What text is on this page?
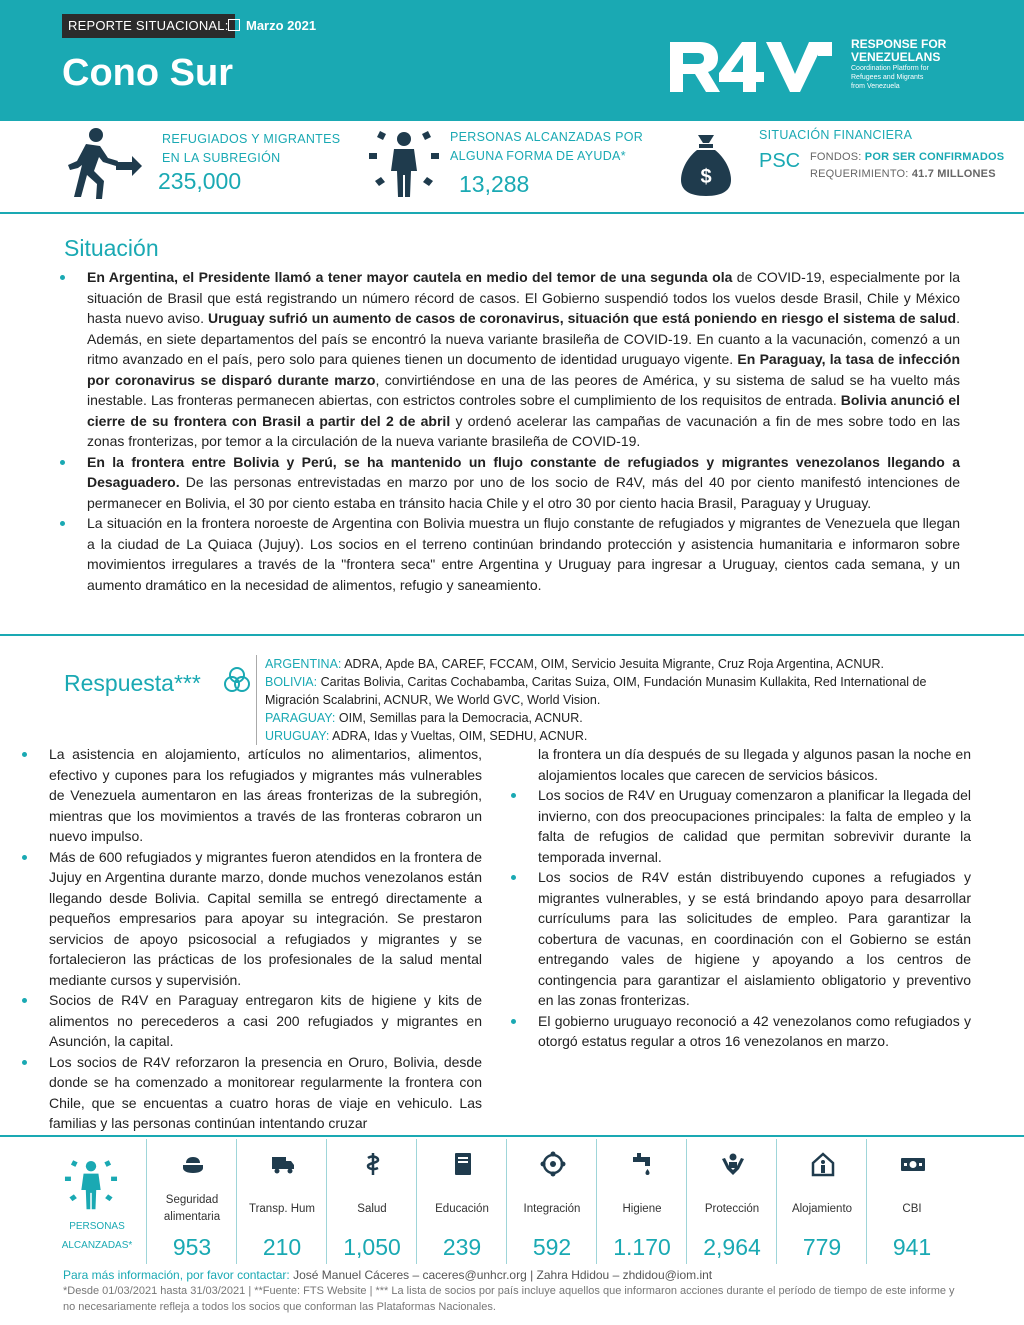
REPORTE SITUACIONAL:	Marzo 2021
Cono Sur
RESPONSE FOR
VENEZUELANS
Coordination Platform for
Refugees and Migrants
from Venezuela
REFUGIADOS Y MIGRANTES
EN LA SUBREGIÓN
235,000
PERSONAS ALCANZADAS POR
ALGUNA FORMA DE AYUDA*
13,288	$
SITUACIÓN FINANCIERA
PSC FONDOS: POR SER CONFIRMADOS
REQUERIMIENTO: 41.7 MILLONES
Situación
En Argentina, el Presidente llamó a tener mayor cautela en medio del temor de una segunda ola de COVID-19, especialmente por la situación de Brasil que está registrando un número récord de casos. El Gobierno suspendió todos los vuelos desde Brasil, Chile y México hasta nuevo aviso. Uruguay sufrió un aumento de casos de coronavirus, situación que está poniendo en riesgo el sistema de salud. Además, en siete departamentos del país se encontró la nueva variante brasileña de COVID-19. En cuanto a la vacunación, comenzó a un ritmo avanzado en el país, pero solo para quienes tienen un documento de identidad uruguayo vigente. En Paraguay, la tasa de infección por coronavirus se disparó durante marzo, convirtiéndose en una de las peores de América, y su sistema de salud se ha vuelto más inestable. Las fronteras permanecen abiertas, con estrictos controles sobre el cumplimiento de los requisitos de entrada. Bolivia anunció el cierre de su frontera con Brasil a partir del 2 de abril y ordenó acelerar las campañas de vacunación a fin de mes sobre todo en las zonas fronterizas, por temor a la circulación de la nueva variante brasileña de COVID-19.
En la frontera entre Bolivia y Perú, se ha mantenido un flujo constante de refugiados y migrantes venezolanos llegando a Desaguadero. De las personas entrevistadas en marzo por uno de los socio de R4V, más del 40 por ciento manifestó intenciones de permanecer en Bolivia, el 30 por ciento estaba en tránsito hacia Chile y el otro 30 por ciento hacia Brasil, Paraguay y Uruguay.
La situación en la frontera noroeste de Argentina con Bolivia muestra un flujo constante de refugiados y migrantes de Venezuela que llegan a la ciudad de La Quiaca (Jujuy). Los socios en el terreno continúan brindando protección y asistencia humanitaria e informaron sobre movimientos irregulares a través de la "frontera seca" entre Argentina y Uruguay para ingresar a Uruguay, cientos cada semana, y un aumento dramático en la necesidad de alimentos, refugio y saneamiento.
Respuesta***

ARGENTINA: ADRA, Apde BA, CAREF, FCCAM, OIM, Servicio Jesuita Migrante, Cruz Roja Argentina, ACNUR.

BOLIVIA: Caritas Bolivia, Caritas Cochabamba, Caritas Suiza, OIM, Fundación Munasim Kullakita, Red International de Migración Scalabrini, ACNUR, We World GVC, World Vision.

PARAGUAY: OIM, Semillas para la Democracia, ACNUR.

URUGUAY: ADRA, Idas y Vueltas, OIM, SEDHU, ACNUR.

La asistencia en alojamiento, artículos no alimentarios, alimentos, efectivo y cupones para los refugiados y migrantes más vulnerables de Venezuela aumentaron en las áreas fronterizas de la subregión, mientras que los movimientos a través de las fronteras cobraron un nuevo impulso.
Más de 600 refugiados y migrantes fueron atendidos en la frontera de Jujuy en Argentina durante marzo, donde muchos venezolanos están llegando desde Bolivia. Capital semilla se entregó directamente a pequeños empresarios para apoyar su integración. Se prestaron servicios de apoyo psicosocial a refugiados y migrantes y se fortalecieron las prácticas de los profesionales de la salud mental mediante cursos y supervisión.
Socios de R4V en Paraguay entregaron kits de higiene y kits de alimentos no perecederos a casi 200 refugiados y migrantes en Asunción, la capital.
Los socios de R4V reforzaron la presencia en Oruro, Bolivia, desde donde se ha comenzado a monitorear regularmente la frontera con Chile, que se encuentas a cuatro horas de viaje en vehiculo. Las familias y las personas continúan intentando cruzar
la frontera un día después de su llegada y algunos pasan la noche en alojamientos locales que carecen de servicios básicos.
Los socios de R4V en Uruguay comenzaron a planificar la llegada del invierno, con dos preocupaciones principales: la falta de empleo y la falta de refugios de calidad que permitan sobrevivir durante la temporada invernal.
Los socios de R4V están distribuyendo cupones a refugiados y migrantes vulnerables, y se está brindando apoyo para desarrollar currículums para las solicitudes de empleo. Para garantizar la cobertura de vacunas, en coordinación con el Gobierno se están entregando vales de higiene y apoyando a los centros de contingencia para garantizar el aislamiento obligatorio y preventivo en las zonas fronterizas.
El gobierno uruguayo reconoció a 42 venezolanos como refugiados y otorgó estatus regular a otros 16 venezolanos en marzo.
PERSONAS
ALCANZADAS*
Seguridad alimentaria
953
Transp. Hum
210
Salud
1,050
Educación
239
Integración
592
Higiene
1.170
Protección
2,964
Alojamiento
779
CBI
941
Para más información, por favor contactar: José Manuel Cáceres – caceres@unhcr.org | Zahra Hdidou – zhdidou@iom.int
*Desde 01/03/2021 hasta 31/03/2021 | **Fuente: FTS Website | *** La lista de socios por país incluye aquellos que informaron acciones durante el período de tiempo de este informe y no necesariamente refleja a todos los socios que conforman las Plataformas Nacionales.
